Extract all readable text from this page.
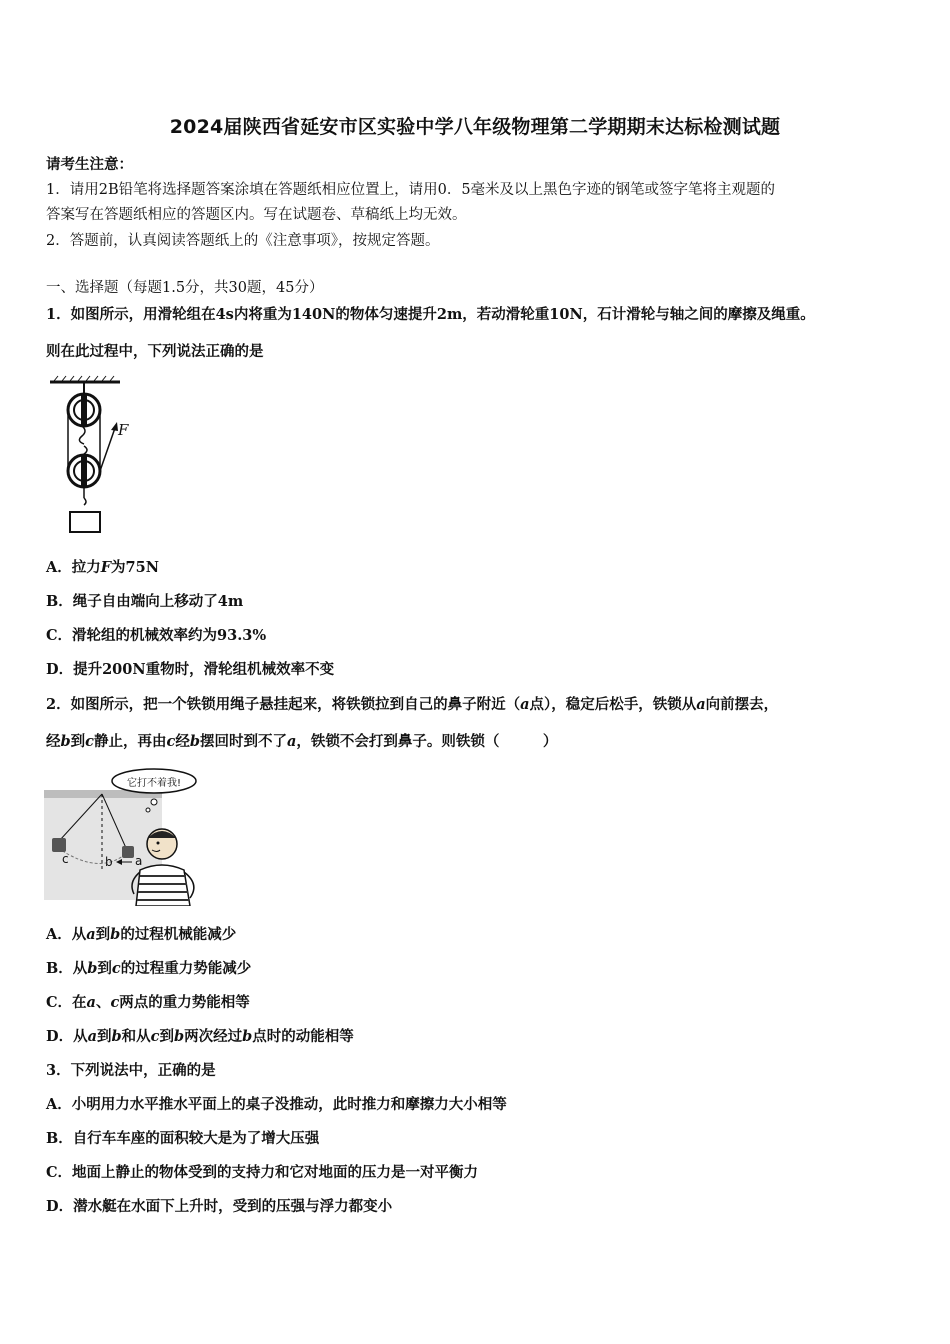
2024届陕西省延安市区实验中学八年级物理第二学期期末达标检测试题
请考生注意：
1．请用2B铅笔将选择题答案涂填在答题纸相应位置上，请用0．5毫米及以上黑色字迹的钢笔或签字笔将主观题的
答案写在答题纸相应的答题区内。写在试题卷、草稿纸上均无效。
2．答题前，认真阅读答题纸上的《注意事项》，按规定答题。
一、选择题（每题1.5分，共30题，45分）
1．如图所示，用滑轮组在4s内将重为140N的物体匀速提升2m，若动滑轮重10N，石计滑轮与轴之间的摩擦及绳重。
则在此过程中，下列说法正确的是
F
A．拉力F为75N
B．绳子自由端向上移动了4m
C．滑轮组的机械效率约为93.3%
D．提升200N重物时，滑轮组机械效率不变
2．如图所示，把一个铁锁用绳子悬挂起来，将铁锁拉到自己的鼻子附近（a点），稳定后松手，铁锁从a向前摆去，
经b到c静止，再由c经b摆回时到不了a，铁锁不会打到鼻子。则铁锁（　　　）
它打不着我!
c	b a
A．从a到b的过程机械能减少
B．从b到c的过程重力势能减少
C．在a、c两点的重力势能相等
D．从a到b和从c到b两次经过b点时的动能相等
3．下列说法中，正确的是
A．小明用力水平推水平面上的桌子没推动，此时推力和摩擦力大小相等
B．自行车车座的面积较大是为了增大压强
C．地面上静止的物体受到的支持力和它对地面的压力是一对平衡力
D．潜水艇在水面下上升时，受到的压强与浮力都变小
